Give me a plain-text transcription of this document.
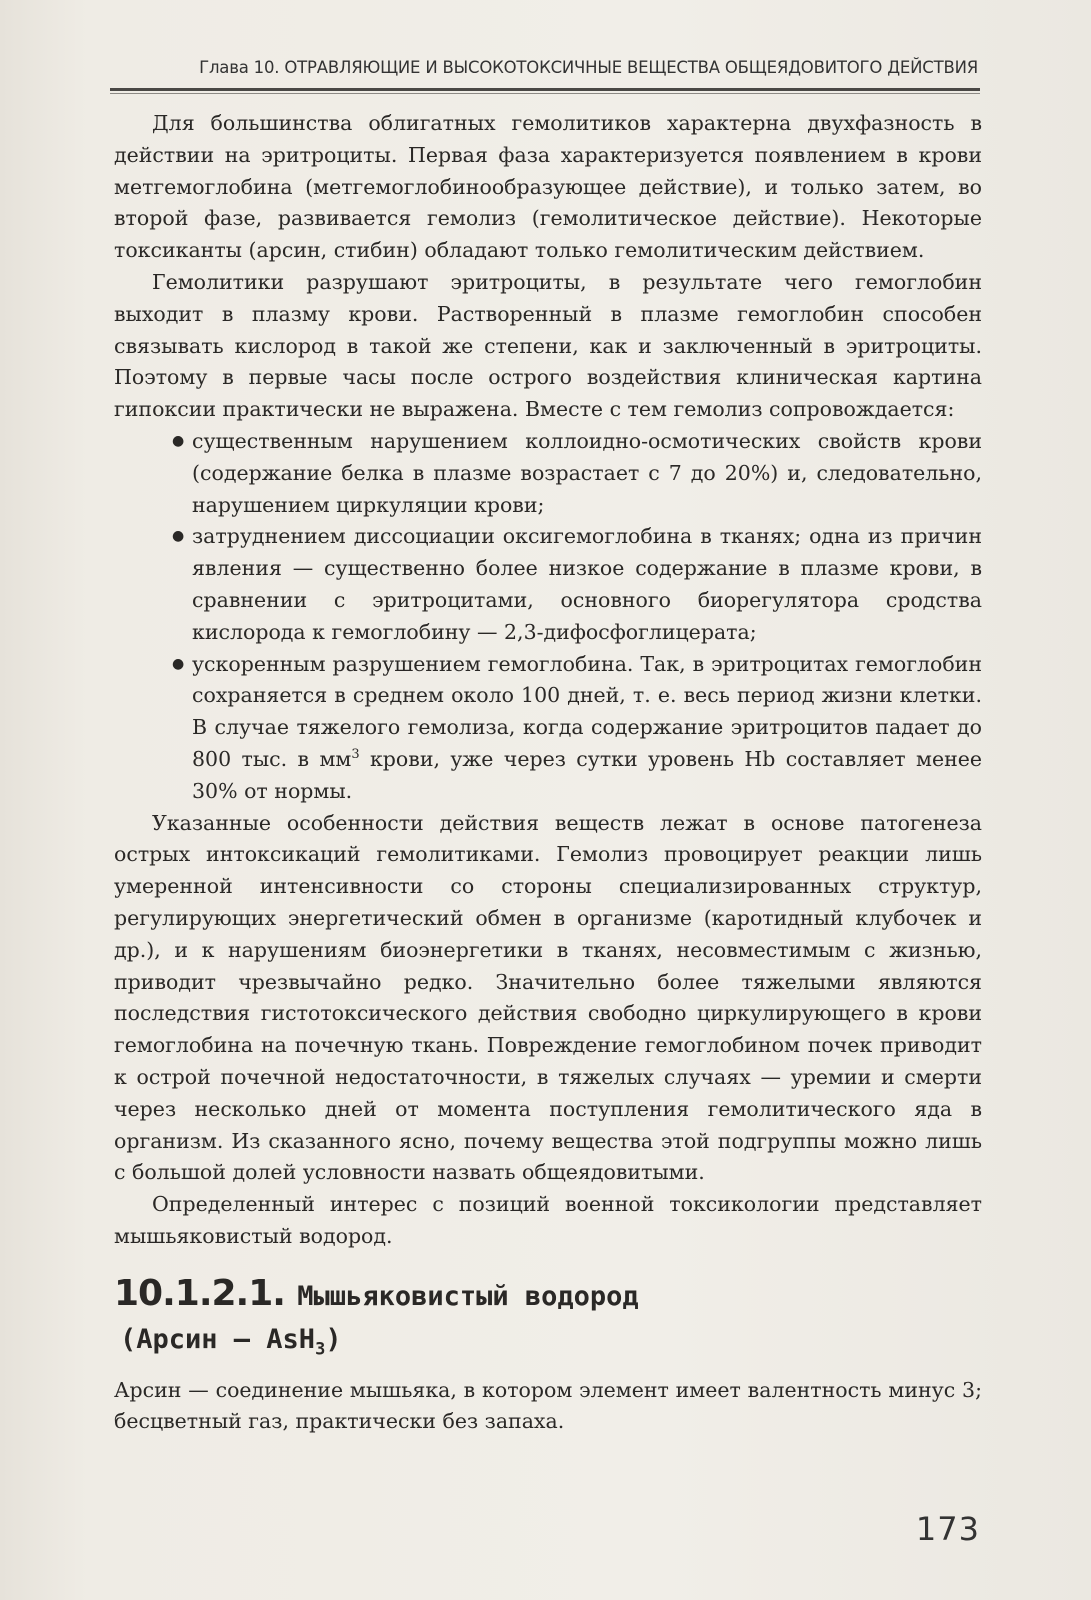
Глава 10. ОТРАВЛЯЮЩИЕ И ВЫСОКОТОКСИЧНЫЕ ВЕЩЕСТВА ОБЩЕЯДОВИТОГО ДЕЙСТВИЯ

Для большинства облигатных гемолитиков характерна двухфазность в действии на эритроциты. Первая фаза характеризуется появлением в крови метгемоглобина (метгемоглобинообразующее действие), и только затем, во второй фазе, развивается гемолиз (гемолитическое действие). Некоторые токсиканты (арсин, стибин) обладают только гемолитическим действием.

Гемолитики разрушают эритроциты, в результате чего гемоглобин выходит в плазму крови. Растворенный в плазме гемоглобин способен связывать кислород в такой же степени, как и заключенный в эритроциты. Поэтому в первые часы после острого воздействия клиническая картина гипоксии практически не выражена. Вместе с тем гемолиз сопровождается:

● существенным нарушением коллоидно-осмотических свойств крови (содержание белка в плазме возрастает с 7 до 20%) и, следовательно, нарушением циркуляции крови;
● затруднением диссоциации оксигемоглобина в тканях; одна из причин явления — существенно более низкое содержание в плазме крови, в сравнении с эритроцитами, основного биорегулятора сродства кислорода к гемоглобину — 2,3-дифосфоглицерата;
● ускоренным разрушением гемоглобина. Так, в эритроцитах гемоглобин сохраняется в среднем около 100 дней, т. е. весь период жизни клетки. В случае тяжелого гемолиза, когда содержание эритроцитов падает до 800 тыс. в $мм^3$ крови, уже через сутки уровень Hb составляет менее 30% от нормы.

Указанные особенности действия веществ лежат в основе патогенеза острых интоксикаций гемолитиками. Гемолиз провоцирует реакции лишь умеренной интенсивности со стороны специализированных структур, регулирующих энергетический обмен в организме (каротидный клубочек и др.), и к нарушениям биоэнергетики в тканях, несовместимым с жизнью, приводит чрезвычайно редко. Значительно более тяжелыми являются последствия гистотоксического действия свободно циркулирующего в крови гемоглобина на почечную ткань. Повреждение гемоглобином почек приводит к острой почечной недостаточности, в тяжелых случаях — уремии и смерти через несколько дней от момента поступления гемолитического яда в организм. Из сказанного ясно, почему вещества этой подгруппы можно лишь с большой долей условности назвать общеядовитыми.

Определенный интерес с позиций военной токсикологии представляет мышьяковистый водород.

10.1.2.1. Мышьяковистый водород
(Арсин — AsH$_3$)

Арсин — соединение мышьяка, в котором элемент имеет валентность минус 3; бесцветный газ, практически без запаха.

173
